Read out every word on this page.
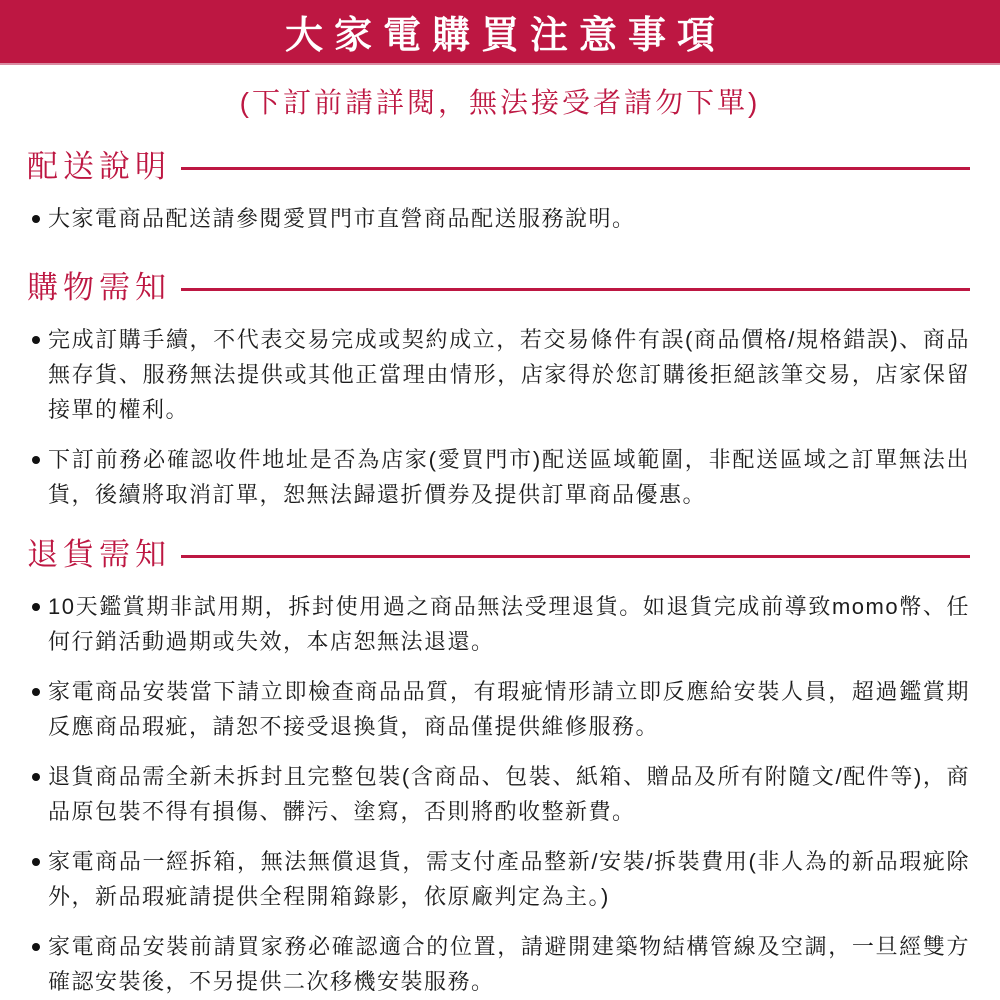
大家電購買注意事項
(下訂前請詳閱，無法接受者請勿下單)
配送說明
大家電商品配送請參閱愛買門市直營商品配送服務說明。
購物需知
完成訂購手續，不代表交易完成或契約成立，若交易條件有誤(商品價格/規格錯誤)、商品無存貨、服務無法提供或其他正當理由情形，店家得於您訂購後拒絕該筆交易，店家保留接單的權利。
下訂前務必確認收件地址是否為店家(愛買門市)配送區域範圍，非配送區域之訂單無法出貨，後續將取消訂單，恕無法歸還折價券及提供訂單商品優惠。
退貨需知
10天鑑賞期非試用期，拆封使用過之商品無法受理退貨。如退貨完成前導致momo幣、任何行銷活動過期或失效，本店恕無法退還。
家電商品安裝當下請立即檢查商品品質，有瑕疵情形請立即反應給安裝人員，超過鑑賞期反應商品瑕疵，請恕不接受退換貨，商品僅提供維修服務。
退貨商品需全新未拆封且完整包裝(含商品、包裝、紙箱、贈品及所有附隨文/配件等)，商品原包裝不得有損傷、髒污、塗寫，否則將酌收整新費。
家電商品一經拆箱，無法無償退貨，需支付產品整新/安裝/拆裝費用(非人為的新品瑕疵除外，新品瑕疵請提供全程開箱錄影，依原廠判定為主。)
家電商品安裝前請買家務必確認適合的位置，請避開建築物結構管線及空調，一旦經雙方確認安裝後，不另提供二次移機安裝服務。
